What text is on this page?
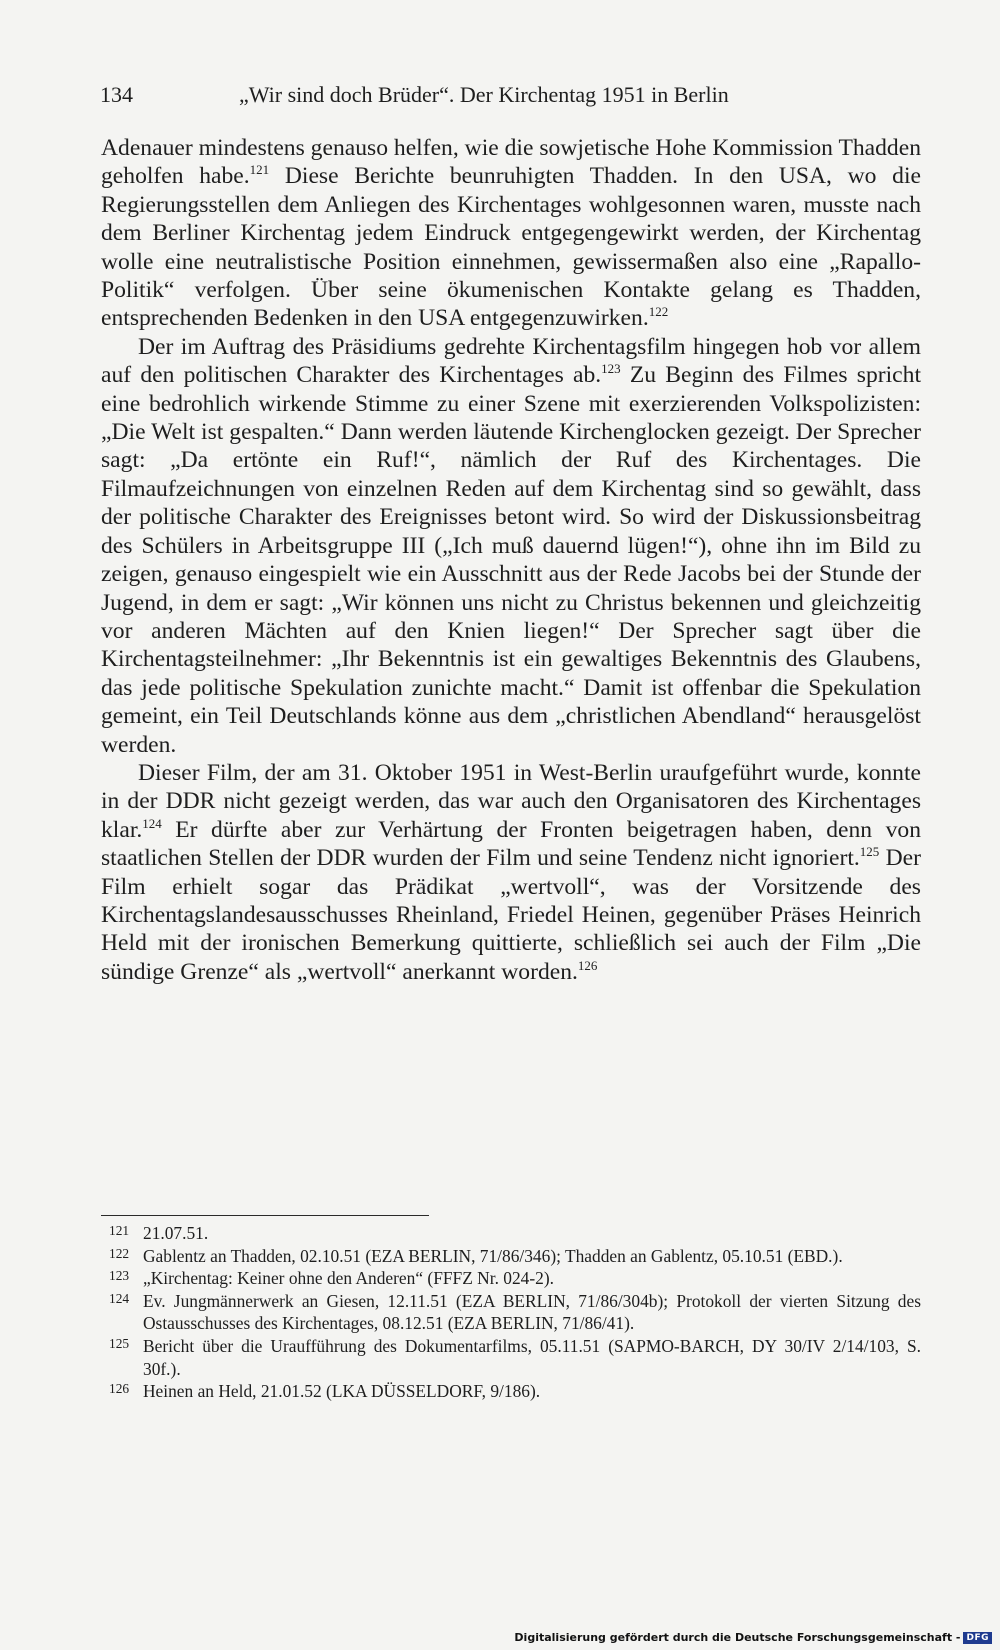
134	„Wir sind doch Brüder“. Der Kirchentag 1951 in Berlin

Adenauer mindestens genauso helfen, wie die sowjetische Hohe Kommission Thadden geholfen habe.$^{121}$ Diese Berichte beunruhigten Thadden. In den USA, wo die Regierungsstellen dem Anliegen des Kirchentages wohlgesonnen waren, musste nach dem Berliner Kirchentag jedem Eindruck entgegengewirkt werden, der Kirchentag wolle eine neutralistische Position einnehmen, gewissermaßen also eine „Rapallo-Politik“ verfolgen. Über seine ökumenischen Kontakte gelang es Thadden, entsprechenden Bedenken in den USA entgegenzuwirken.$^{122}$

Der im Auftrag des Präsidiums gedrehte Kirchentagsfilm hingegen hob vor allem auf den politischen Charakter des Kirchentages ab.$^{123}$ Zu Beginn des Filmes spricht eine bedrohlich wirkende Stimme zu einer Szene mit exerzierenden Volkspolizisten: „Die Welt ist gespalten.“ Dann werden läutende Kirchenglocken gezeigt. Der Sprecher sagt: „Da ertönte ein Ruf!“, nämlich der Ruf des Kirchentages. Die Filmaufzeichnungen von einzelnen Reden auf dem Kirchentag sind so gewählt, dass der politische Charakter des Ereignisses betont wird. So wird der Diskussionsbeitrag des Schülers in Arbeitsgruppe III („Ich muß dauernd lügen!“), ohne ihn im Bild zu zeigen, genauso eingespielt wie ein Ausschnitt aus der Rede Jacobs bei der Stunde der Jugend, in dem er sagt: „Wir können uns nicht zu Christus bekennen und gleichzeitig vor anderen Mächten auf den Knien liegen!“ Der Sprecher sagt über die Kirchentagsteilnehmer: „Ihr Bekenntnis ist ein gewaltiges Bekenntnis des Glaubens, das jede politische Spekulation zunichte macht.“ Damit ist offenbar die Spekulation gemeint, ein Teil Deutschlands könne aus dem „christlichen Abendland“ herausgelöst werden.

Dieser Film, der am 31. Oktober 1951 in West-Berlin uraufgeführt wurde, konnte in der DDR nicht gezeigt werden, das war auch den Organisatoren des Kirchentages klar.$^{124}$ Er dürfte aber zur Verhärtung der Fronten beigetragen haben, denn von staatlichen Stellen der DDR wurden der Film und seine Tendenz nicht ignoriert.$^{125}$ Der Film erhielt sogar das Prädikat „wertvoll“, was der Vorsitzende des Kirchentagslandesausschusses Rheinland, Friedel Heinen, gegenüber Präses Heinrich Held mit der ironischen Bemerkung quittierte, schließlich sei auch der Film „Die sündige Grenze“ als „wertvoll“ anerkannt worden.$^{126}$

121 21.07.51.
122 Gablentz an Thadden, 02.10.51 (EZA BERLIN, 71/86/346); Thadden an Gablentz, 05.10.51 (EBD.).
123 „Kirchentag: Keiner ohne den Anderen“ (FFFZ Nr. 024-2).
124 Ev. Jungmännerwerk an Giesen, 12.11.51 (EZA BERLIN, 71/86/304b); Protokoll der vierten Sitzung des Ostausschusses des Kirchentages, 08.12.51 (EZA BERLIN, 71/86/41).
125 Bericht über die Uraufführung des Dokumentarfilms, 05.11.51 (SAPMO-BARCH, DY 30/IV 2/14/103, S. 30f.).
126 Heinen an Held, 21.01.52 (LKA DÜSSELDORF, 9/186).
Digitalisierung gefördert durch die Deutsche Forschungsgemeinschaft - DFG
